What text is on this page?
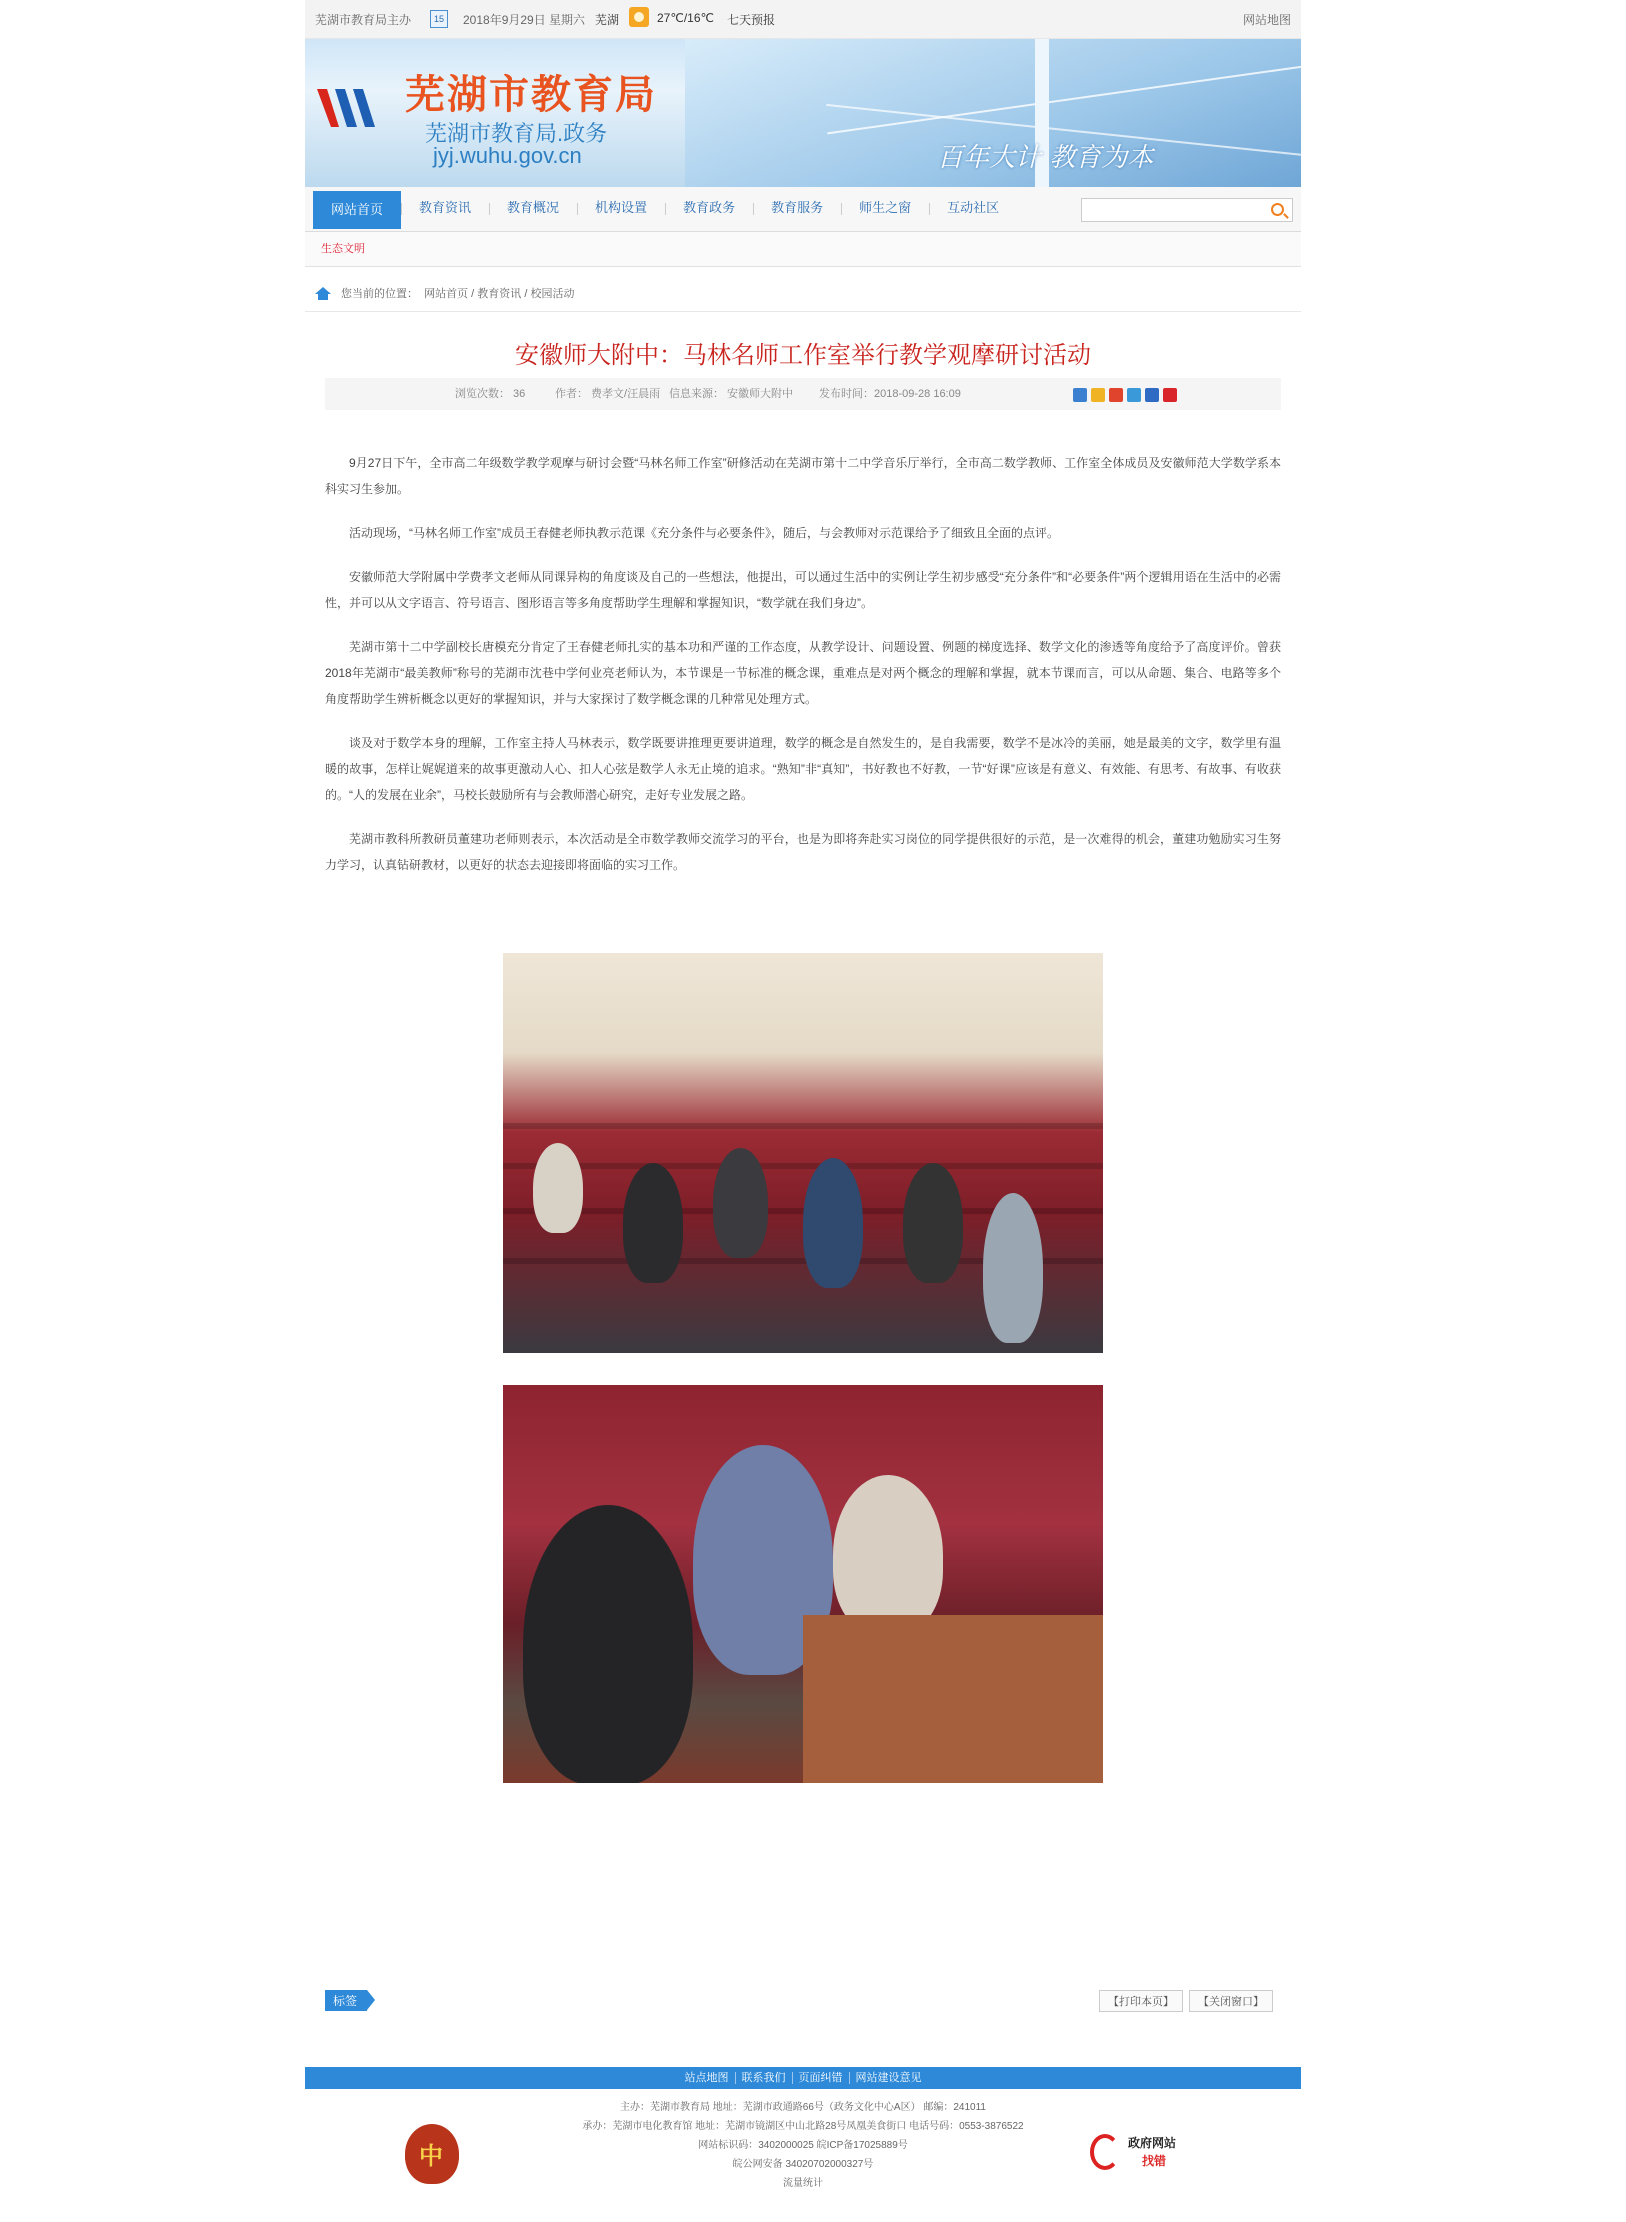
芜湖市教育局主办	15	2018年9月29日 星期六 芜湖	27℃/16℃ 七天预报	网站地图
芜湖市教育局
芜湖市教育局.政务
jyj.wuhu.gov.cn	百年大计 教育为本
网站首页	教育资讯	教育概况	机构设置	教育政务	教育服务	师生之窗	互动社区
生态文明
您当前的位置： 网站首页 / 教育资讯 / 校园活动
安徽师大附中：马林名师工作室举行教学观摩研讨活动
浏览次数： 36	作者： 费孝文/汪晨雨 信息来源： 安徽师大附中 发布时间：2018-09-28 16:09

9月27日下午，全市高二年级数学教学观摩与研讨会暨“马林名师工作室”研修活动在芜湖市第十二中学音乐厅举行，全市高二数学教师、工作室全体成员及安徽师范大学数学系本科实习生参加。

活动现场，“马林名师工作室”成员王春健老师执教示范课《充分条件与必要条件》，随后，与会教师对示范课给予了细致且全面的点评。

安徽师范大学附属中学费孝文老师从同课异构的角度谈及自己的一些想法，他提出，可以通过生活中的实例让学生初步感受“充分条件”和“必要条件”两个逻辑用语在生活中的必需性，并可以从文字语言、符号语言、图形语言等多角度帮助学生理解和掌握知识，“数学就在我们身边”。

芜湖市第十二中学副校长唐模充分肯定了王春健老师扎实的基本功和严谨的工作态度，从教学设计、问题设置、例题的梯度选择、数学文化的渗透等角度给予了高度评价。曾获2018年芜湖市“最美教师”称号的芜湖市沈巷中学何业亮老师认为，本节课是一节标准的概念课，重难点是对两个概念的理解和掌握，就本节课而言，可以从命题、集合、电路等多个角度帮助学生辨析概念以更好的掌握知识，并与大家探讨了数学概念课的几种常见处理方式。

谈及对于数学本身的理解，工作室主持人马林表示，数学既要讲推理更要讲道理，数学的概念是自然发生的，是自我需要，数学不是冰冷的美丽，她是最美的文字，数学里有温暖的故事，怎样让娓娓道来的故事更激动人心、扣人心弦是数学人永无止境的追求。“熟知”非“真知”，书好教也不好教，一节“好课”应该是有意义、有效能、有思考、有故事、有收获的。“人的发展在业余”，马校长鼓励所有与会教师潜心研究，走好专业发展之路。

芜湖市教科所教研员董建功老师则表示，本次活动是全市数学教师交流学习的平台，也是为即将奔赴实习岗位的同学提供很好的示范，是一次难得的机会，董建功勉励实习生努力学习，认真钻研教材，以更好的状态去迎接即将面临的实习工作。

标签	【打印本页】	【关闭窗口】
站点地图 联系我们 页面纠错 网站建设意见
主办：芜湖市教育局 地址：芜湖市政通路66号（政务文化中心A区） 邮编：241011
承办：芜湖市电化教育馆 地址：芜湖市镜湖区中山北路28号凤凰美食街口 电话号码：0553-3876522
网站标识码：3402000025 皖ICP备17025889号
皖公网安备 34020702000327号
流量统计
中
政府网站
找错
